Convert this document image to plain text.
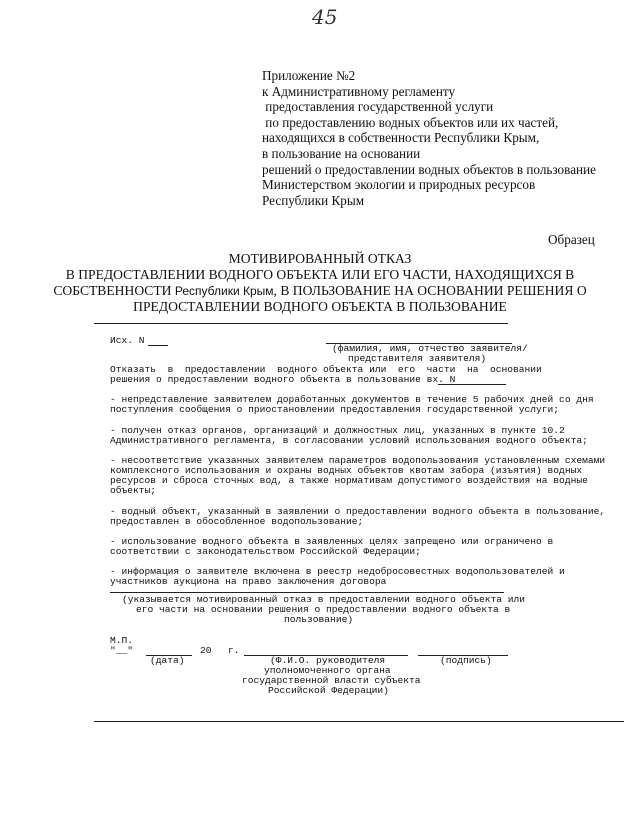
45
Приложение №2
к Административному регламенту
предоставления государственной услуги
по предоставлению водных объектов или их частей,
находящихся в собственности Республики Крым,
в пользование на основании
решений о предоставлении водных объектов в пользование
Министерством экологии и природных ресурсов
Республики Крым
Образец
МОТИВИРОВАННЫЙ ОТКАЗ
В ПРЕДОСТАВЛЕНИИ ВОДНОГО ОБЪЕКТА ИЛИ ЕГО ЧАСТИ, НАХОДЯЩИХСЯ В
СОБСТВЕННОСТИ Республики Крым, В ПОЛЬЗОВАНИЕ НА ОСНОВАНИИ РЕШЕНИЯ О
ПРЕДОСТАВЛЕНИИ ВОДНОГО ОБЪЕКТА В ПОЛЬЗОВАНИЕ
Исх. N
(фамилия, имя, отчество заявителя/
представителя заявителя)
Отказать  в  предоставлении  водного объекта или  его  части  на  основании
решения о предоставлении водного объекта в пользование вх. N
- непредставление заявителем доработанных документов в течение 5 рабочих дней со дня
поступления сообщения о приостановлении предоставления государственной услуги;
- получен отказ органов, организаций и должностных лиц, указанных в пункте 10.2
Административного регламента, в согласовании условий использования водного объекта;
- несоответствие указанных заявителем параметров водопользования установленным схемами
комплексного использования и охраны водных объектов квотам забора (изъятия) водных
ресурсов и сброса сточных вод, а также нормативам допустимого воздействия на водные
объекты;
- водный объект, указанный в заявлении о предоставлении водного объекта в пользование,
предоставлен в обособленное водопользование;
- использование водного объекта в заявленных целях запрещено или ограничено в
соответствии с законодательством Российской Федерации;
- информация о заявителе включена в реестр недобросовестных водопользователей и
участников аукциона на право заключения договора
(указывается мотивированный отказ в предоставлении водного объекта или
его части на основании решения о предоставлении водного объекта в
пользование)
М.П.
"__"	20 г.
(дата)	(Ф.И.О. руководителя	(подпись)
уполномоченного органа
государственной власти субъекта
Российской Федерации)
